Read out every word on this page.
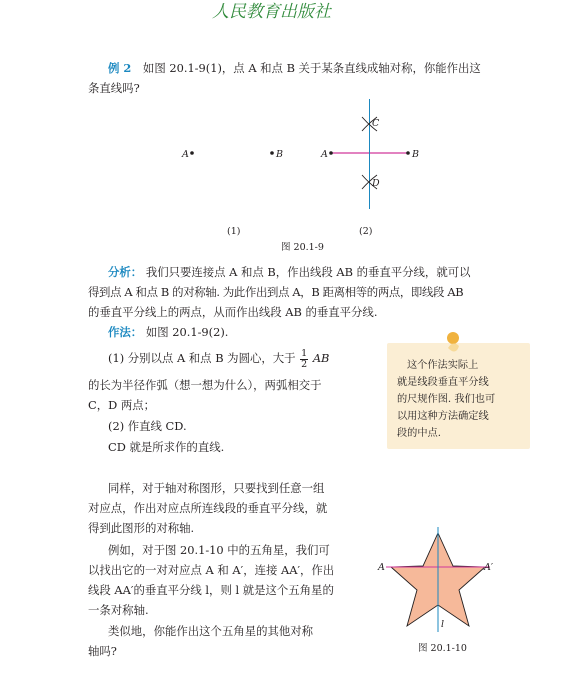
人民教育出版社
例 2 如图 20.1-9(1)，点 A 和点 B 关于某条直线成轴对称，你能作出这
条直线吗?
A	B	A	B
C
D
(1)	(2)
图 20.1-9
分析： 我们只要连接点 A 和点 B，作出线段 AB 的垂直平分线，就可以
得到点 A 和点 B 的对称轴. 为此作出到点 A，B 距离相等的两点，即线段 AB
的垂直平分线上的两点，从而作出线段 AB 的垂直平分线.
作法： 如图 20.1-9(2).
(1) 分别以点 A 和点 B 为圆心，大于 $\frac{1}{2}$ AB
的长为半径作弧（想一想为什么），两弧相交于
C，D 两点；
(2) 作直线 CD.
CD 就是所求作的直线.
这个作法实际上
就是线段垂直平分线
的尺规作图. 我们也可
以用这种方法确定线
段的中点.
同样，对于轴对称图形，只要找到任意一组
对应点，作出对应点所连线段的垂直平分线，就
得到此图形的对称轴.
例如，对于图 20.1-10 中的五角星，我们可
以找出它的一对对应点 A 和 A′，连接 AA′，作出
线段 AA′的垂直平分线 l，则 l 就是这个五角星的
一条对称轴.
类似地，你能作出这个五角星的其他对称
轴吗?
A	A′
l
图 20.1-10
